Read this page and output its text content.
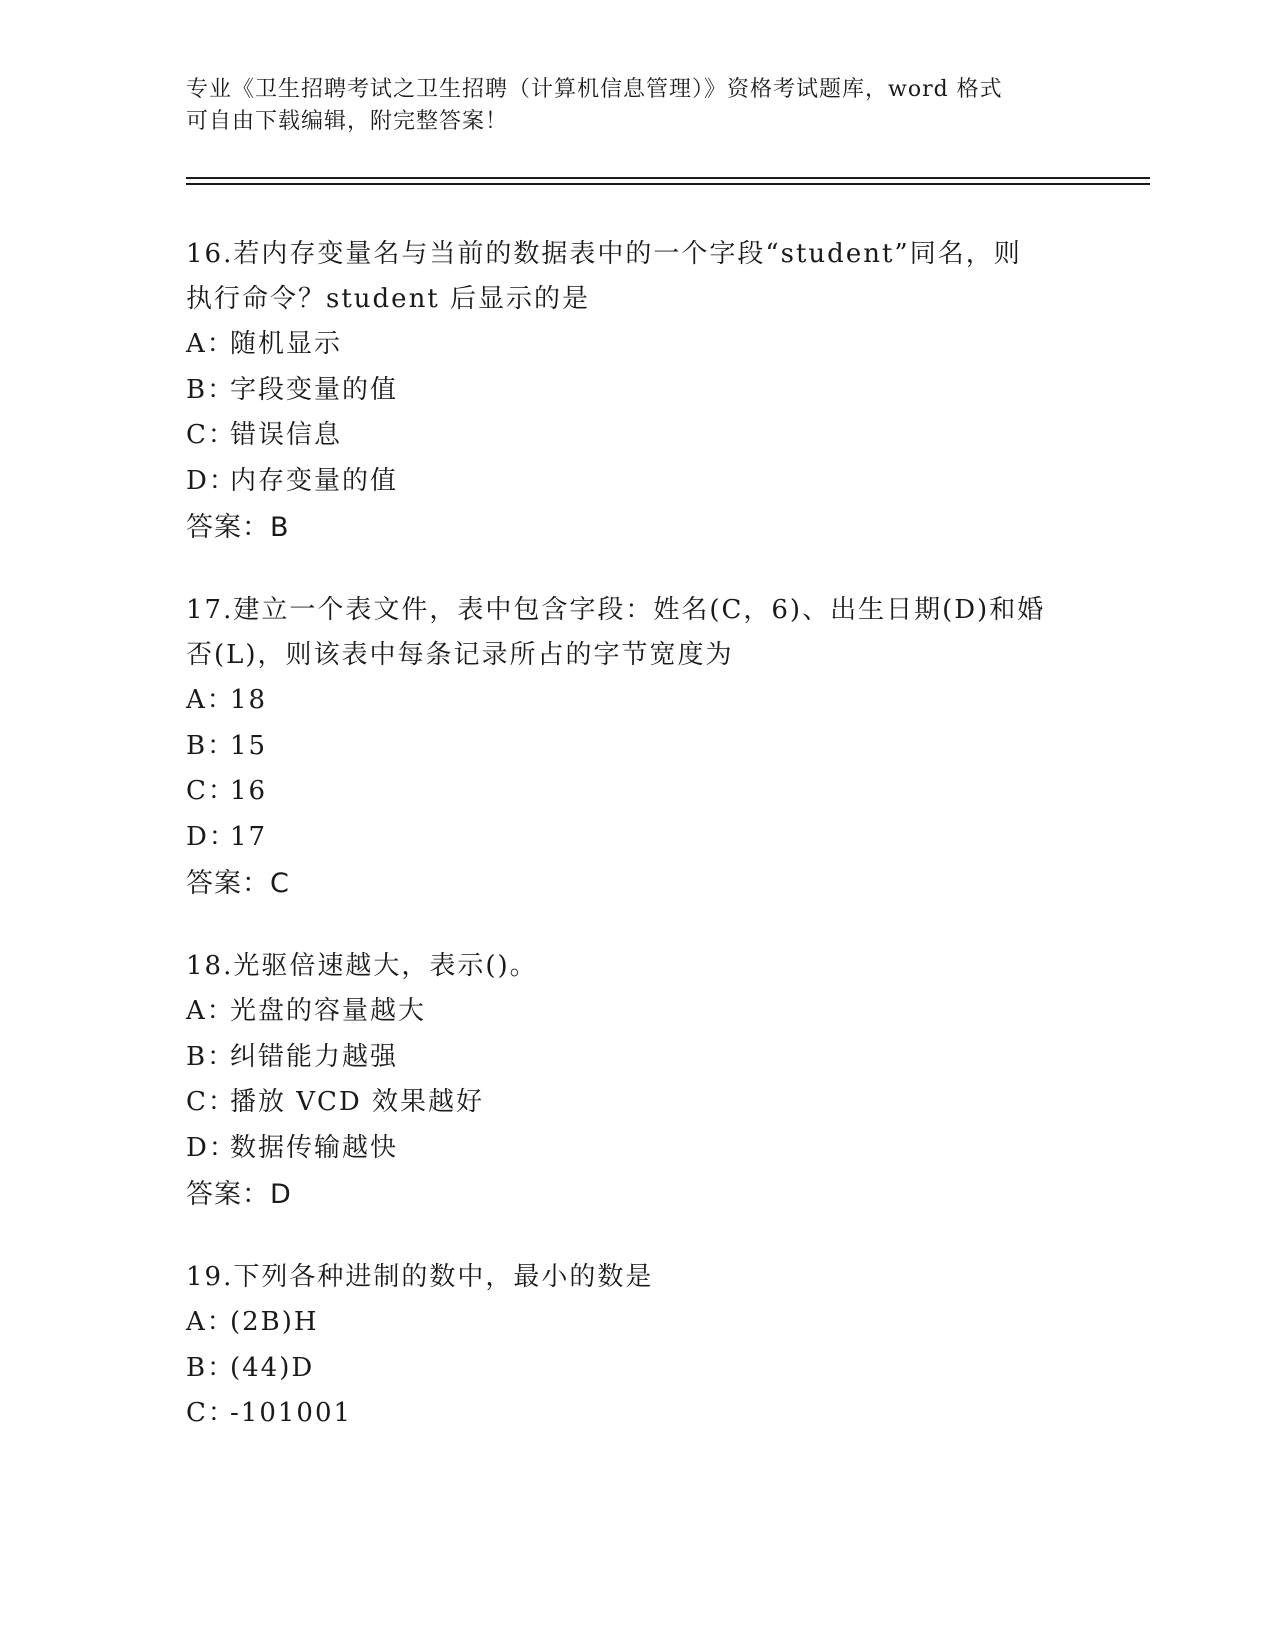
专业《卫生招聘考试之卫生招聘（计算机信息管理）》资格考试题库，word 格式
可自由下载编辑，附完整答案！
16.若内存变量名与当前的数据表中的一个字段“student”同名，则
执行命令？student 后显示的是
A：随机显示
B：字段变量的值
C：错误信息
D：内存变量的值
答案：B
17.建立一个表文件，表中包含字段：姓名(C，6)、出生日期(D)和婚
否(L)，则该表中每条记录所占的字节宽度为
A：18
B：15
C：16
D：17
答案：C
18.光驱倍速越大，表示()。
A：光盘的容量越大
B：纠错能力越强
C：播放 VCD 效果越好
D：数据传输越快
答案：D
19.下列各种进制的数中，最小的数是
A：(2B)H
B：(44)D
C：-101001
